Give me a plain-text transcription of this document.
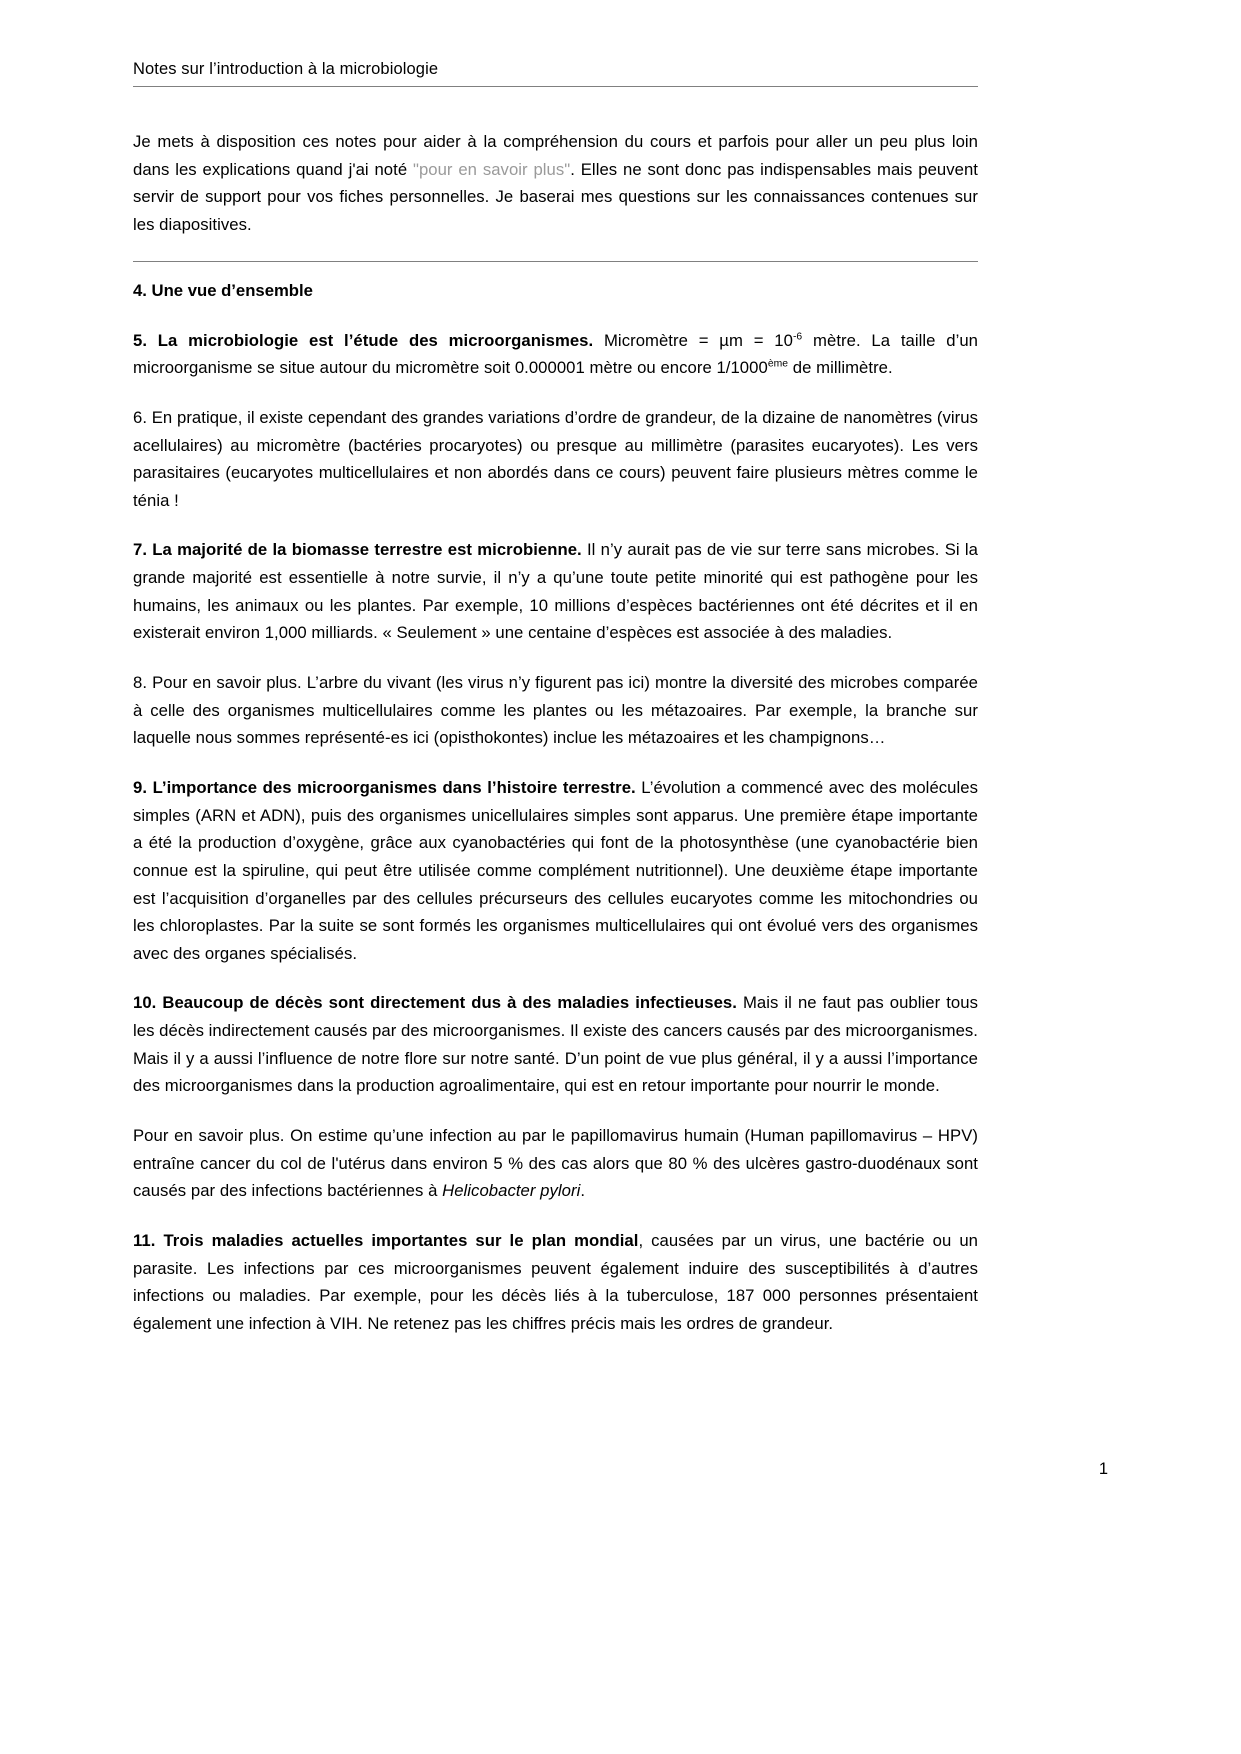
Notes sur l’introduction à la microbiologie

Je mets à disposition ces notes pour aider à la compréhension du cours et parfois pour aller un peu plus loin dans les explications quand j'ai noté "pour en savoir plus". Elles ne sont donc pas indispensables mais peuvent servir de support pour vos fiches personnelles. Je baserai mes questions sur les connaissances contenues sur les diapositives.

4. Une vue d’ensemble

5. La microbiologie est l’étude des microorganismes. Micromètre = $\mu m = 10^{-6}$ mètre. La taille d’un microorganisme se situe autour du micromètre soit 0.000001 mètre ou encore 1/1000ème de millimètre.

6. En pratique, il existe cependant des grandes variations d’ordre de grandeur, de la dizaine de nanomètres (virus acellulaires) au micromètre (bactéries procaryotes) ou presque au millimètre (parasites eucaryotes). Les vers parasitaires (eucaryotes multicellulaires et non abordés dans ce cours) peuvent faire plusieurs mètres comme le ténia !

7. La majorité de la biomasse terrestre est microbienne. Il n’y aurait pas de vie sur terre sans microbes. Si la grande majorité est essentielle à notre survie, il n’y a qu’une toute petite minorité qui est pathogène pour les humains, les animaux ou les plantes. Par exemple, 10 millions d’espèces bactériennes ont été décrites et il en existerait environ 1,000 milliards. « Seulement » une centaine d’espèces est associée à des maladies.

8. Pour en savoir plus. L’arbre du vivant (les virus n’y figurent pas ici) montre la diversité des microbes comparée à celle des organismes multicellulaires comme les plantes ou les métazoaires. Par exemple, la branche sur laquelle nous sommes représenté-es ici (opisthokontes) inclue les métazoaires et les champignons…

9. L’importance des microorganismes dans l’histoire terrestre. L’évolution a commencé avec des molécules simples (ARN et ADN), puis des organismes unicellulaires simples sont apparus. Une première étape importante a été la production d’oxygène, grâce aux cyanobactéries qui font de la photosynthèse (une cyanobactérie bien connue est la spiruline, qui peut être utilisée comme complément nutritionnel). Une deuxième étape importante est l’acquisition d’organelles par des cellules précurseurs des cellules eucaryotes comme les mitochondries ou les chloroplastes. Par la suite se sont formés les organismes multicellulaires qui ont évolué vers des organismes avec des organes spécialisés.

10. Beaucoup de décès sont directement dus à des maladies infectieuses. Mais il ne faut pas oublier tous les décès indirectement causés par des microorganismes. Il existe des cancers causés par des microorganismes. Mais il y a aussi l’influence de notre flore sur notre santé. D’un point de vue plus général, il y a aussi l’importance des microorganismes dans la production agroalimentaire, qui est en retour importante pour nourrir le monde.

Pour en savoir plus. On estime qu’une infection au par le papillomavirus humain (Human papillomavirus – HPV) entraîne cancer du col de l'utérus dans environ 5 % des cas alors que 80 % des ulcères gastro-duodénaux sont causés par des infections bactériennes à Helicobacter pylori.

11. Trois maladies actuelles importantes sur le plan mondial, causées par un virus, une bactérie ou un parasite. Les infections par ces microorganismes peuvent également induire des susceptibilités à d’autres infections ou maladies. Par exemple, pour les décès liés à la tuberculose, 187 000 personnes présentaient également une infection à VIH. Ne retenez pas les chiffres précis mais les ordres de grandeur.

1
